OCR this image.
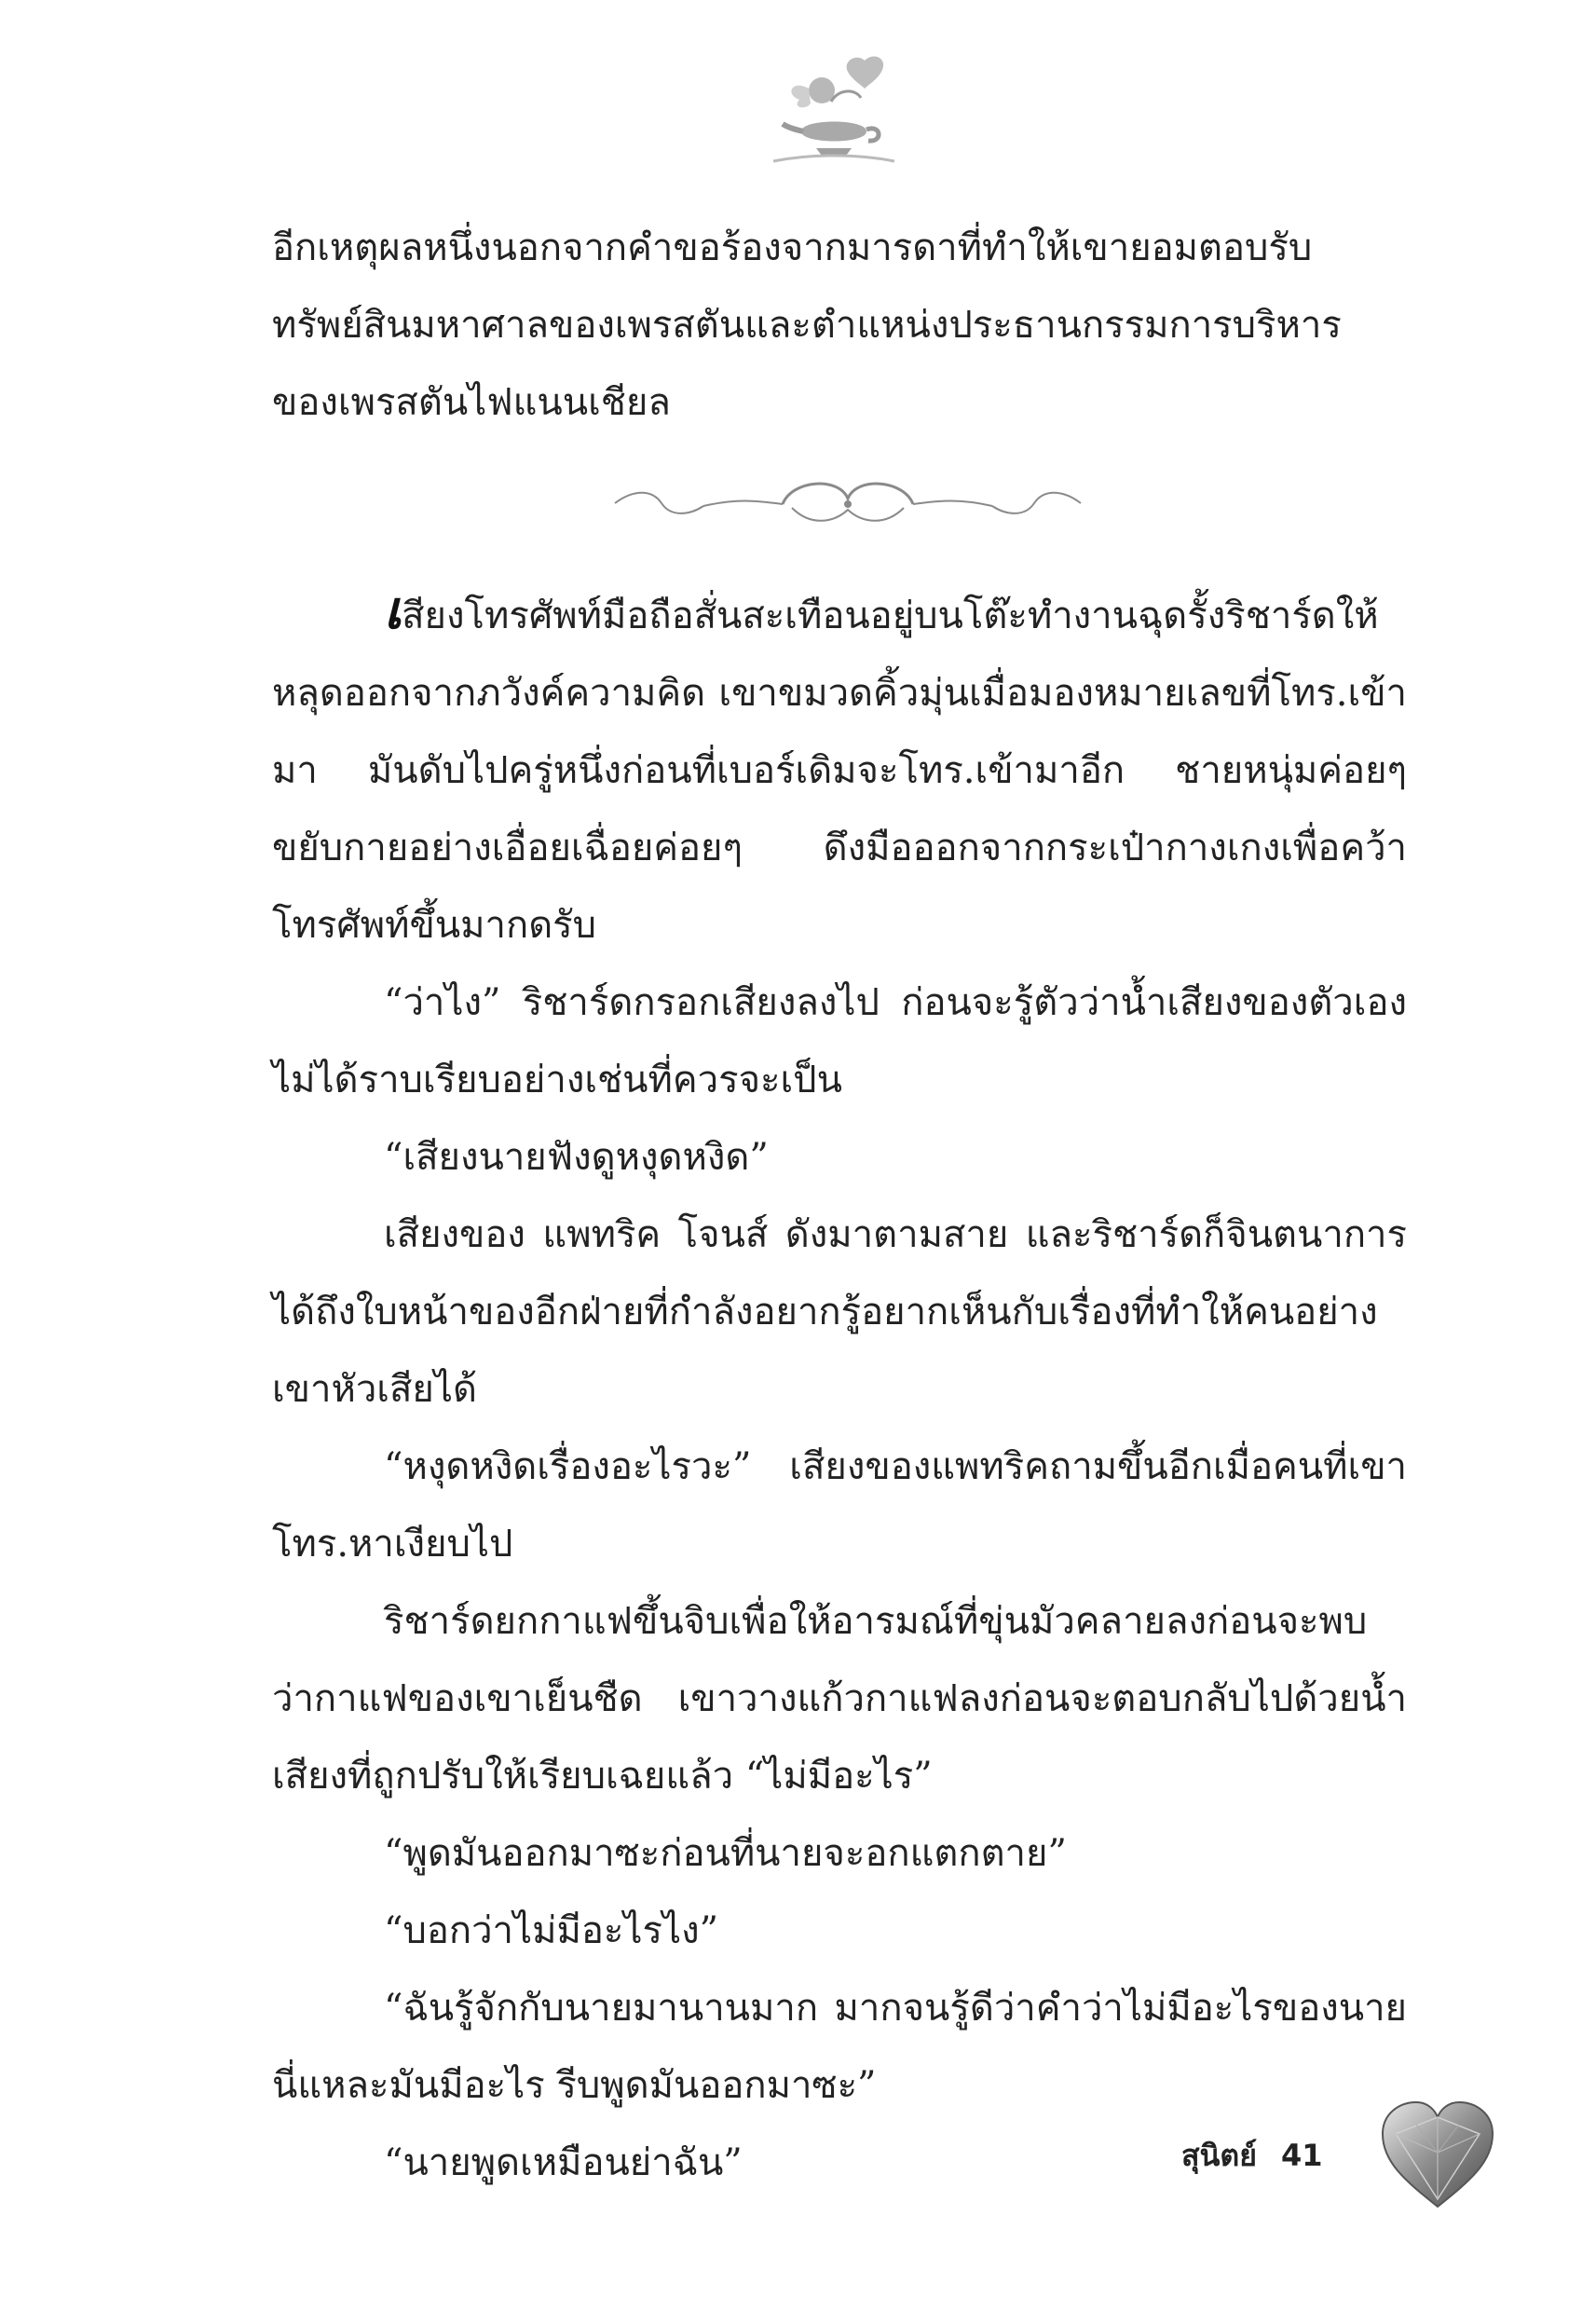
อีกเหตุผลหนึ่งนอกจากคำขอร้องจากมารดาที่ทำให้เขายอมตอบรับทรัพย์สินมหาศาลของเพรสตันและตำแหน่งประธานกรรมการบริหารของเพรสตันไฟแนนเชียล

เสียงโทรศัพท์มือถือสั่นสะเทือนอยู่บนโต๊ะทำงานฉุดรั้งริชาร์ดให้หลุดออกจากภวังค์ความคิด เขาขมวดคิ้วมุ่นเมื่อมองหมายเลขที่โทร.เข้ามา มันดับไปครู่หนึ่งก่อนที่เบอร์เดิมจะโทร.เข้ามาอีก ชายหนุ่มค่อยๆ ขยับกายอย่างเอื่อยเฉื่อยค่อยๆ ดึงมือออกจากกระเป๋ากางเกงเพื่อคว้าโทรศัพท์ขึ้นมากดรับ

“ว่าไง” ริชาร์ดกรอกเสียงลงไป ก่อนจะรู้ตัวว่าน้ำเสียงของตัวเองไม่ได้ราบเรียบอย่างเช่นที่ควรจะเป็น

“เสียงนายฟังดูหงุดหงิด”

เสียงของ แพทริค โจนส์ ดังมาตามสาย และริชาร์ดก็จินตนาการได้ถึงใบหน้าของอีกฝ่ายที่กำลังอยากรู้อยากเห็นกับเรื่องที่ทำให้คนอย่างเขาหัวเสียได้

“หงุดหงิดเรื่องอะไรวะ” เสียงของแพทริคถามขึ้นอีกเมื่อคนที่เขาโทร.หาเงียบไป

ริชาร์ดยกกาแฟขึ้นจิบเพื่อให้อารมณ์ที่ขุ่นมัวคลายลงก่อนจะพบว่ากาแฟของเขาเย็นชืด เขาวางแก้วกาแฟลงก่อนจะตอบกลับไปด้วยน้ำเสียงที่ถูกปรับให้เรียบเฉยแล้ว “ไม่มีอะไร”

“พูดมันออกมาซะก่อนที่นายจะอกแตกตาย”

“บอกว่าไม่มีอะไรไง”

“ฉันรู้จักกับนายมานานมาก มากจนรู้ดีว่าคำว่าไม่มีอะไรของนายนี่แหละมันมีอะไร รีบพูดมันออกมาซะ”

“นายพูดเหมือนย่าฉัน”	สุนิตย์ 41
